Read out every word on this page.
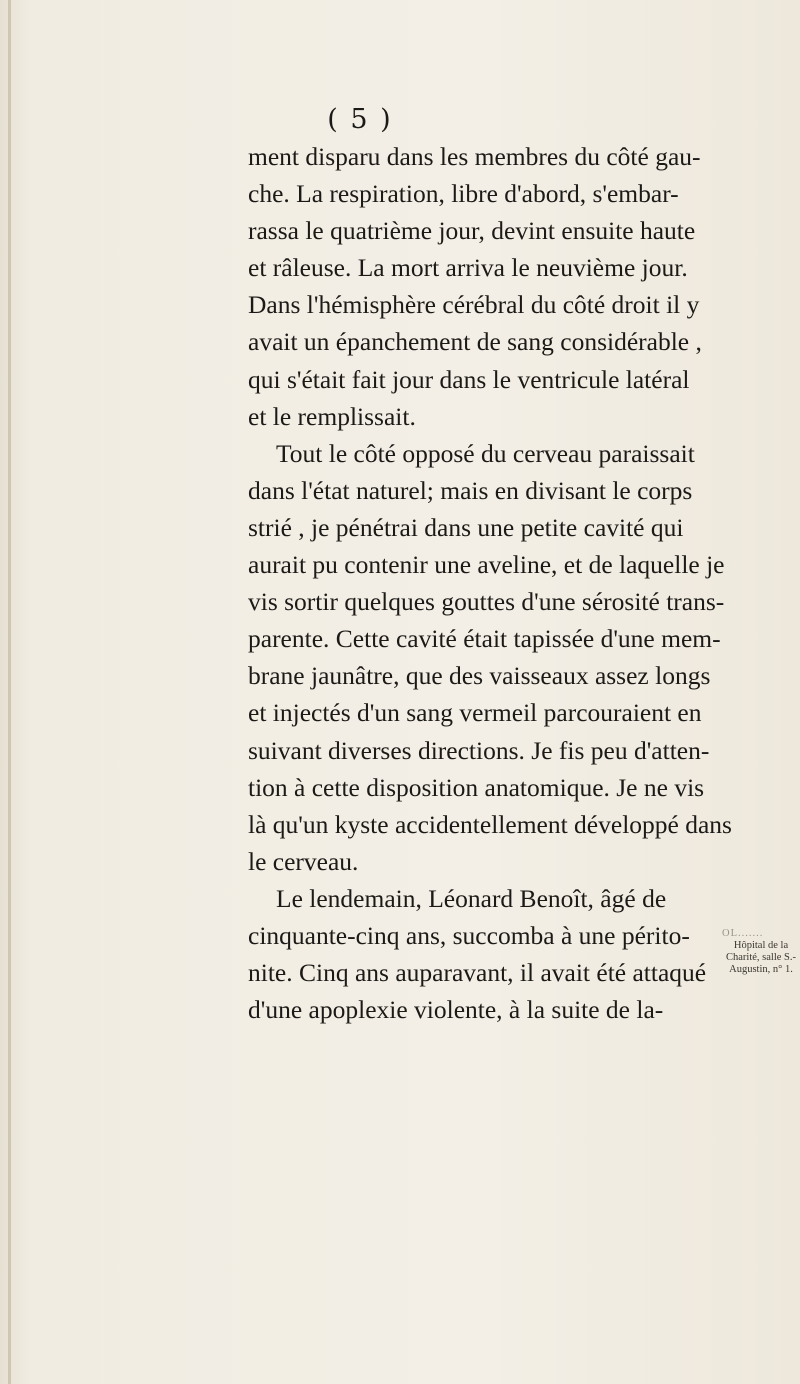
( 5 )
ment disparu dans les membres du côté gau-
che. La respiration, libre d'abord, s'embar-
rassa le quatrième jour, devint ensuite haute
et râleuse. La mort arriva le neuvième jour.
Dans l'hémisphère cérébral du côté droit il y
avait un épanchement de sang considérable ,
qui s'était fait jour dans le ventricule latéral
et le remplissait.
Tout le côté opposé du cerveau paraissait
dans l'état naturel; mais en divisant le corps
strié , je pénétrai dans une petite cavité qui
aurait pu contenir une aveline, et de laquelle je
vis sortir quelques gouttes d'une sérosité trans-
parente. Cette cavité était tapissée d'une mem-
brane jaunâtre, que des vaisseaux assez longs
et injectés d'un sang vermeil parcouraient en
suivant diverses directions. Je fis peu d'atten-
tion à cette disposition anatomique. Je ne vis
là qu'un kyste accidentellement développé dans
le cerveau.
Le lendemain, Léonard Benoît, âgé de
cinquante-cinq ans, succomba à une périto-
nite. Cinq ans auparavant, il avait été attaqué
d'une apoplexie violente, à la suite de la-
OL.......
Hôpital de la
Charité, salle S.-
Augustin, n° 1.
